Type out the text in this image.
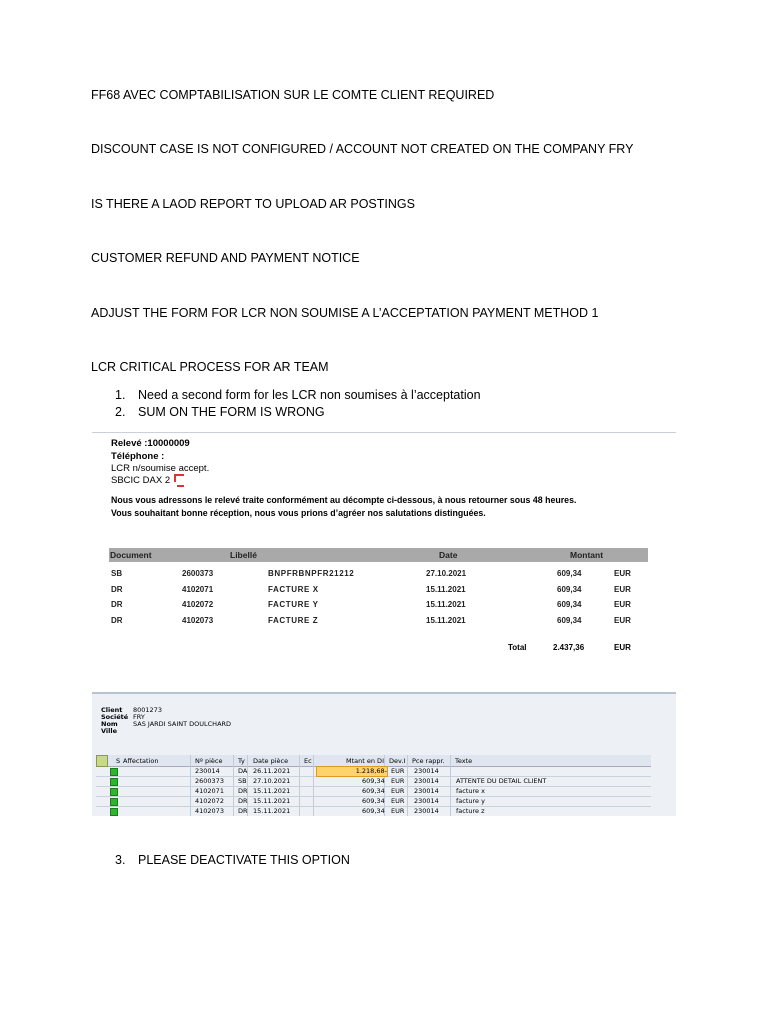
FF68 AVEC COMPTABILISATION SUR LE COMTE CLIENT REQUIRED
DISCOUNT CASE IS NOT CONFIGURED / ACCOUNT NOT CREATED ON THE COMPANY FRY
IS THERE A LAOD REPORT TO UPLOAD AR POSTINGS
CUSTOMER REFUND AND PAYMENT NOTICE
ADJUST THE FORM FOR LCR NON SOUMISE A L’ACCEPTATION PAYMENT METHOD 1
LCR CRITICAL PROCESS FOR AR TEAM
1. Need a second form for les LCR non soumises à l’acceptation
2. SUM ON THE FORM IS WRONG
Relevé :10000009
Téléphone :
LCR n/soumise accept.
SBCIC DAX 2
Nous vous adressons le relevé traite conformément au décompte ci-dessous, à nous retourner sous 48 heures.
Vous souhaitant bonne réception, nous vous prions d’agréer nos salutations distinguées.
Document	Libellé	Date	Montant
SB	2600373	BNPFRBNPFR21212	27.10.2021	609,34	EUR
DR	4102071	FACTURE X	15.11.2021	609,34	EUR
DR	4102072	FACTURE Y	15.11.2021	609,34	EUR
DR	4102073	FACTURE Z	15.11.2021	609,34	EUR
Total	2.437,36	EUR
Client 8001273
Société FRY
Nom SAS JARDI SAINT DOULCHARD
Ville
S Affectation	Nº pièce Ty Date pièce Ec	Mtant en DI Dev.I Pce rappr. Texte
230014	DA 26.11.2021	1.218,68- EUR 230014
2600373 SB 27.10.2021	609,34 EUR 230014	ATTENTE DU DETAIL CLIENT
4102071 DR 15.11.2021	609,34 EUR 230014	facture x
4102072 DR 15.11.2021	609,34 EUR 230014	facture y
4102073 DR 15.11.2021	609,34 EUR 230014	facture z
3. PLEASE DEACTIVATE THIS OPTION
